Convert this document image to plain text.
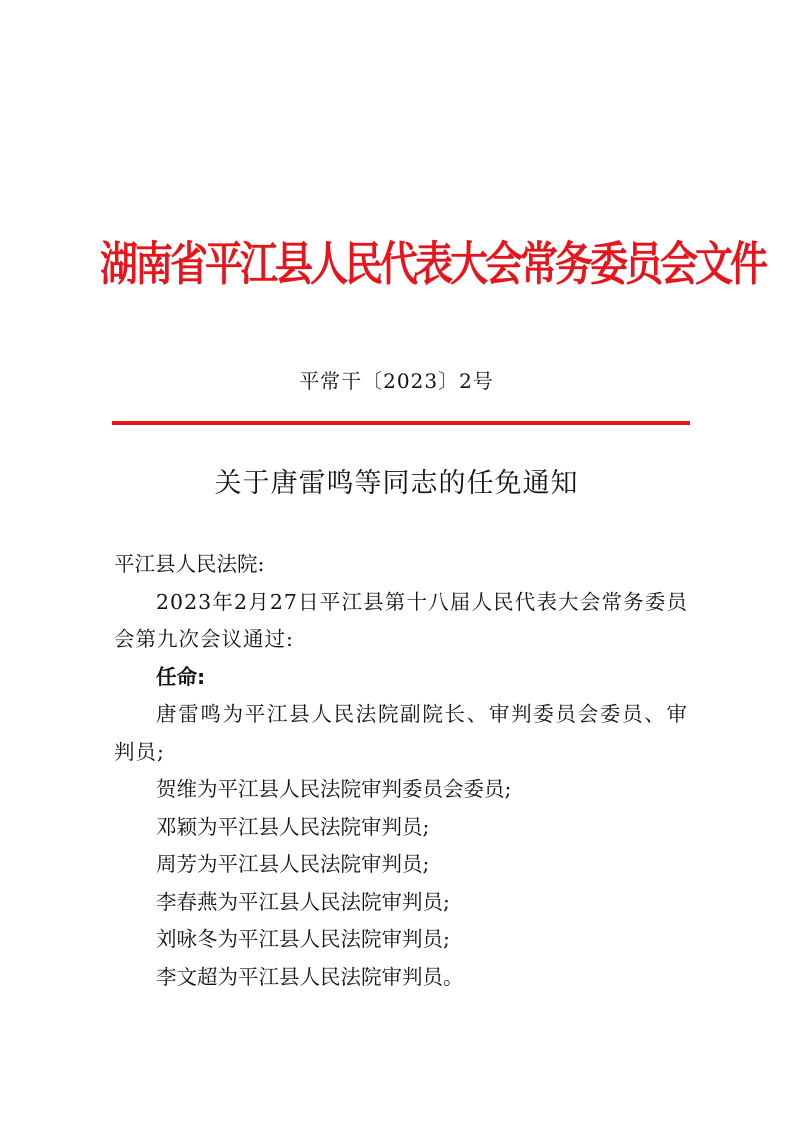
湖南省平江县人民代表大会常务委员会文件
平常干〔2023〕2号
关于唐雷鸣等同志的任免通知

平江县人民法院:

2023年2月27日平江县第十八届人民代表大会常务委员会第九次会议通过:

任命:

唐雷鸣为平江县人民法院副院长、审判委员会委员、审判员;

贺维为平江县人民法院审判委员会委员;

邓颖为平江县人民法院审判员;

周芳为平江县人民法院审判员;

李春燕为平江县人民法院审判员;

刘咏冬为平江县人民法院审判员;

李文超为平江县人民法院审判员。
